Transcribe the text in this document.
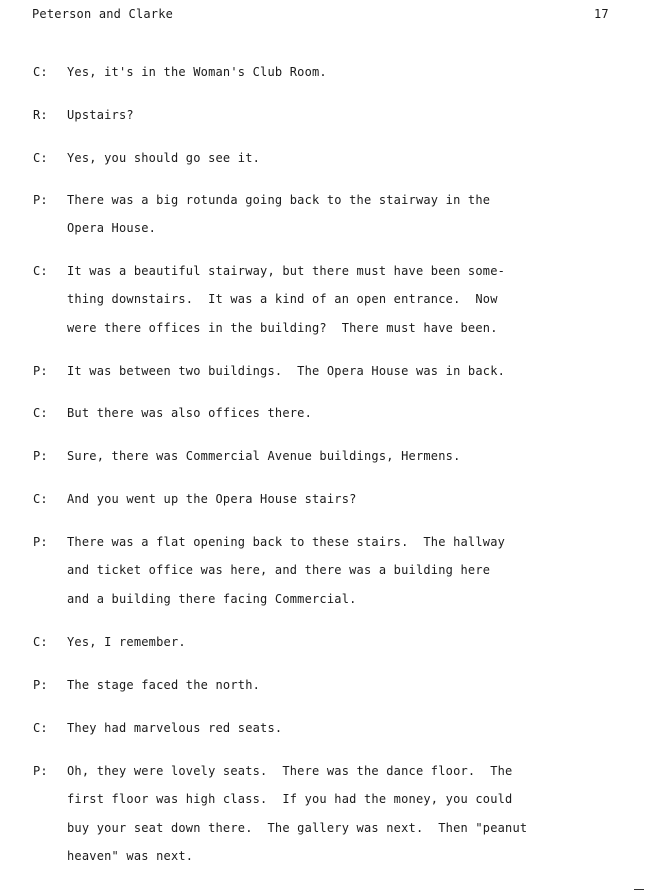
Peterson and Clarke	17
C: Yes, it's in the Woman's Club Room.
R: Upstairs?
C: Yes, you should go see it.
P: There was a big rotunda going back to the stairway in the
Opera House.
C: It was a beautiful stairway, but there must have been some-
thing downstairs.  It was a kind of an open entrance.  Now
were there offices in the building?  There must have been.
P: It was between two buildings.  The Opera House was in back.
C: But there was also offices there.
P: Sure, there was Commercial Avenue buildings, Hermens.
C: And you went up the Opera House stairs?
P: There was a flat opening back to these stairs.  The hallway
and ticket office was here, and there was a building here
and a building there facing Commercial.
C: Yes, I remember.
P: The stage faced the north.
C: They had marvelous red seats.
P: Oh, they were lovely seats.  There was the dance floor.  The
first floor was high class.  If you had the money, you could
buy your seat down there.  The gallery was next.  Then "peanut
heaven" was next.
